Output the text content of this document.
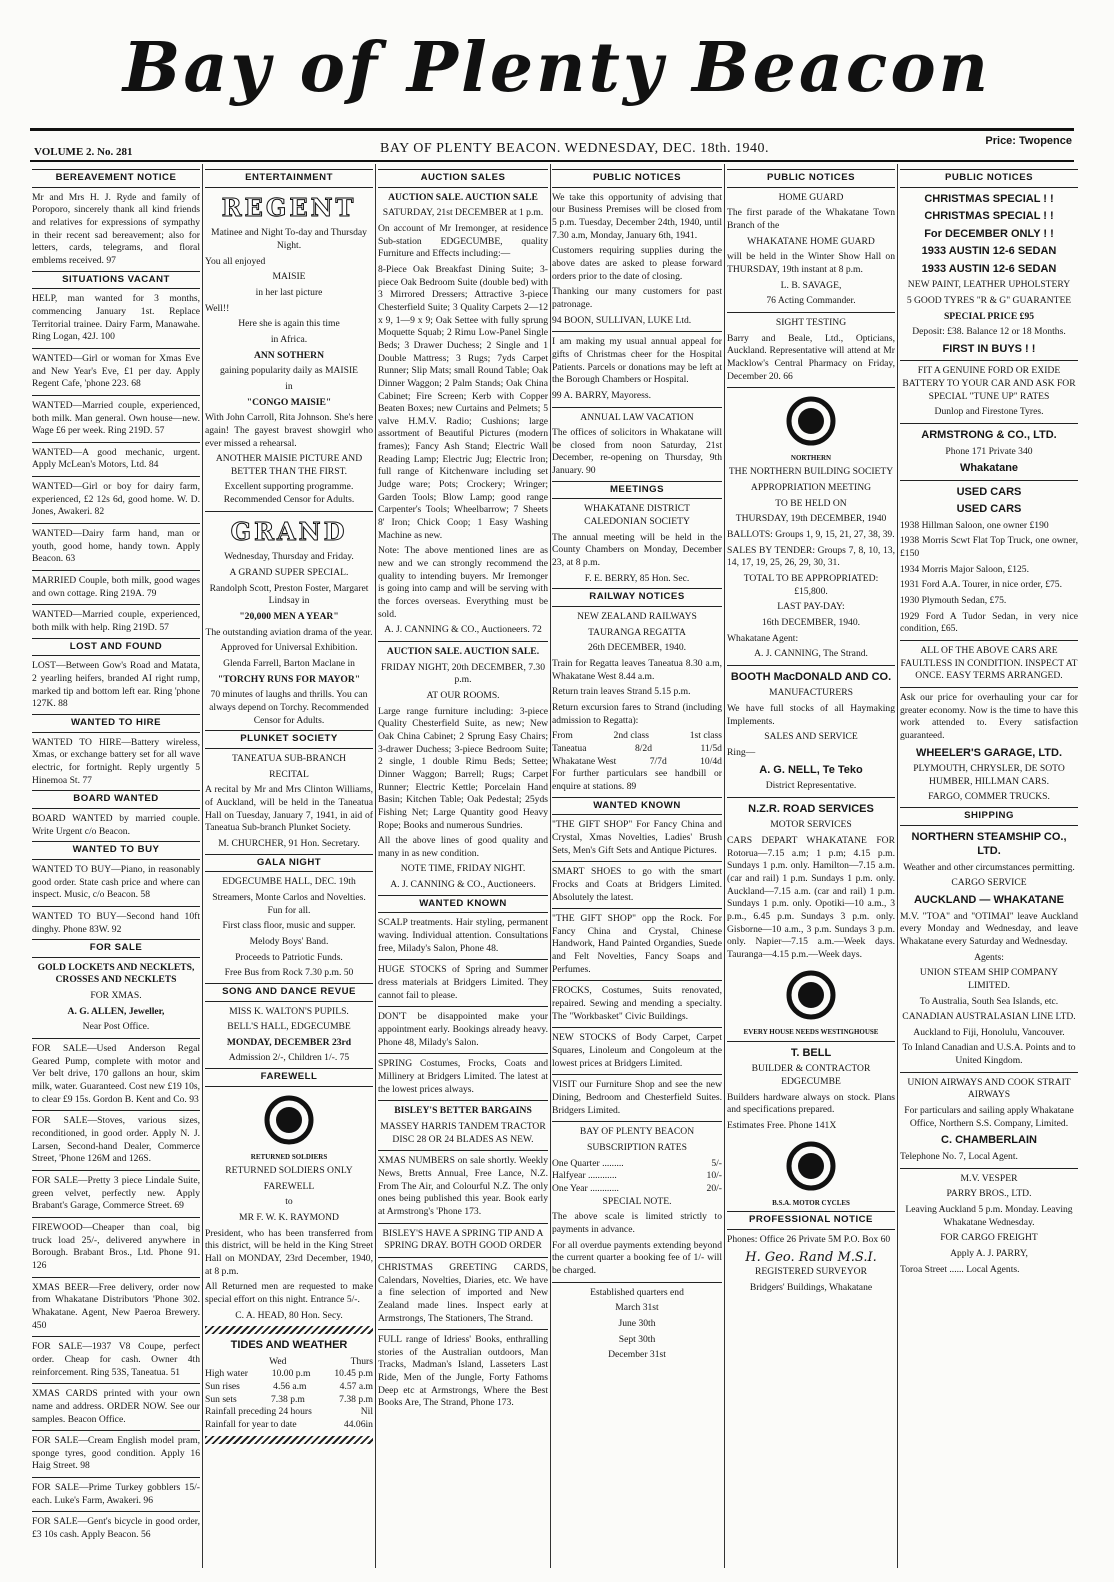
Bay of Plenty Beacon
VOLUME 2. No. 281	BAY OF PLENTY BEACON. WEDNESDAY, DEC. 18th. 1940.	Price: Twopence
BEREAVEMENT NOTICE
Mr and Mrs H. J. Ryde and family of Poroporo, sincerely thank all kind friends and relatives for expressions of sympathy in their recent sad bereavement; also for letters, cards, telegrams, and floral emblems received. 97
SITUATIONS VACANT
HELP, man wanted for 3 months, commencing January 1st. Replace Territorial trainee. Dairy Farm, Manawahe. Ring Logan, 42J. 100
WANTED—Girl or woman for Xmas Eve and New Year's Eve, £1 per day. Apply Regent Cafe, 'phone 223. 68
WANTED—Married couple, experienced, both milk. Man general. Own house—new. Wage £6 per week. Ring 219D. 57
WANTED—A good mechanic, urgent. Apply McLean's Motors, Ltd. 84
WANTED—Girl or boy for dairy farm, experienced, £2 12s 6d, good home. W. D. Jones, Awakeri. 82
WANTED—Dairy farm hand, man or youth, good home, handy town. Apply Beacon. 63
MARRIED Couple, both milk, good wages and own cottage. Ring 219A. 79
WANTED—Married couple, experienced, both milk with help. Ring 219D. 57
LOST AND FOUND
LOST—Between Gow's Road and Matata, 2 yearling heifers, branded AI right rump, marked tip and bottom left ear. Ring 'phone 127K. 88
WANTED TO HIRE
WANTED TO HIRE—Battery wireless, Xmas, or exchange battery set for all wave electric, for fortnight. Reply urgently 5 Hinemoa St. 77
BOARD WANTED
BOARD WANTED by married couple. Write Urgent c/o Beacon.
WANTED TO BUY
WANTED TO BUY—Piano, in reasonably good order. State cash price and where can inspect. Music, c/o Beacon. 58
WANTED TO BUY—Second hand 10ft dinghy. Phone 83W. 92
FOR SALE
GOLD LOCKETS AND NECKLETS, CROSSES AND NECKLETS
FOR XMAS.
A. G. ALLEN, Jeweller,
Near Post Office.
FOR SALE—Used Anderson Regal Geared Pump, complete with motor and Ver belt drive, 170 gallons an hour, skim milk, water. Guaranteed. Cost new £19 10s, to clear £9 15s. Gordon B. Kent and Co. 93
FOR SALE—Stoves, various sizes, reconditioned, in good order. Apply N. J. Larsen, Second-hand Dealer, Commerce Street, 'Phone 126M and 126S.
FOR SALE—Pretty 3 piece Lindale Suite, green velvet, perfectly new. Apply Brabant's Garage, Commerce Street. 69
FIREWOOD—Cheaper than coal, big truck load 25/-, delivered anywhere in Borough. Brabant Bros., Ltd. Phone 91. 126
XMAS BEER—Free delivery, order now from Whakatane Distributors 'Phone 302. Whakatane. Agent, New Paeroa Brewery. 450
FOR SALE—1937 V8 Coupe, perfect order. Cheap for cash. Owner 4th reinforcement. Ring 53S, Taneatua. 51
XMAS CARDS printed with your own name and address. ORDER NOW. See our samples. Beacon Office.
FOR SALE—Cream English model pram, sponge tyres, good condition. Apply 16 Haig Street. 98
FOR SALE—Prime Turkey gobblers 15/- each. Luke's Farm, Awakeri. 96
FOR SALE—Gent's bicycle in good order, £3 10s cash. Apply Beacon. 56
ENTERTAINMENT
REGENT
Matinee and Night To-day and Thursday Night.
You all enjoyed
MAISIE
in her last picture
Well!!
Here she is again this time
in Africa.
ANN SOTHERN
gaining popularity daily as MAISIE
in
"CONGO MAISIE"
With John Carroll, Rita Johnson. She's here again! The gayest bravest showgirl who ever missed a rehearsal.
ANOTHER MAISIE PICTURE AND BETTER THAN THE FIRST.
Excellent supporting programme. Recommended Censor for Adults.
GRAND
Wednesday, Thursday and Friday.
A GRAND SUPER SPECIAL.
Randolph Scott, Preston Foster, Margaret Lindsay in
"20,000 MEN A YEAR"
The outstanding aviation drama of the year.
Approved for Universal Exhibition.
Glenda Farrell, Barton Maclane in
"TORCHY RUNS FOR MAYOR"
70 minutes of laughs and thrills. You can always depend on Torchy. Recommended Censor for Adults.
PLUNKET SOCIETY
TANEATUA SUB-BRANCH
RECITAL
A recital by Mr and Mrs Clinton Williams, of Auckland, will be held in the Taneatua Hall on Tuesday, January 7, 1941, in aid of Taneatua Sub-branch Plunket Society.
M. CHURCHER, 91 Hon. Secretary.
GALA NIGHT
EDGECUMBE HALL, DEC. 19th
Streamers, Monte Carlos and Novelties. Fun for all.
First class floor, music and supper.
Melody Boys' Band.
Proceeds to Patriotic Funds.
Free Bus from Rock 7.30 p.m. 50
SONG AND DANCE REVUE
MISS K. WALTON'S PUPILS.
BELL'S HALL, EDGECUMBE
MONDAY, DECEMBER 23rd
Admission 2/-, Children 1/-. 75
FAREWELL
RETURNED SOLDIERS
RETURNED SOLDIERS ONLY
FAREWELL
to
MR F. W. K. RAYMOND
President, who has been transferred from this district, will be held in the King Street Hall on MONDAY, 23rd December, 1940, at 8 p.m.
All Returned men are requested to make special effort on this night. Entrance 5/-.
C. A. HEAD, 80 Hon. Secy.
TIDES AND WEATHER
Wed	Thurs
High water 10.00 p.m 10.45 p.m
Sun rises	4.56 a.m	4.57 a.m
Sun sets	7.38 p.m	7.38 p.m
Rainfall preceding 24 hours	Nil
Rainfall for year to date	44.06in
AUCTION SALES
AUCTION SALE. AUCTION SALE
SATURDAY, 21st DECEMBER at 1 p.m.
On account of Mr Iremonger, at residence Sub-station EDGECUMBE, quality Furniture and Effects including:—
8-Piece Oak Breakfast Dining Suite; 3-piece Oak Bedroom Suite (double bed) with 3 Mirrored Dressers; Attractive 3-piece Chesterfield Suite; 3 Quality Carpets 2—12 x 9, 1—9 x 9; Oak Settee with fully sprung Moquette Squab; 2 Rimu Low-Panel Single Beds; 3 Drawer Duchess; 2 Single and 1 Double Mattress; 3 Rugs; 7yds Carpet Runner; Slip Mats; small Round Table; Oak Dinner Waggon; 2 Palm Stands; Oak China Cabinet; Fire Screen; Kerb with Copper Beaten Boxes; new Curtains and Pelmets; 5 valve H.M.V. Radio; Cushions; large assortment of Beautiful Pictures (modern frames); Fancy Ash Stand; Electric Wall Reading Lamp; Electric Jug; Electric Iron; full range of Kitchenware including set Judge ware; Pots; Crockery; Wringer; Garden Tools; Blow Lamp; good range Carpenter's Tools; Wheelbarrow; 7 Sheets 8' Iron; Chick Coop; 1 Easy Washing Machine as new.
Note: The above mentioned lines are as new and we can strongly recommend the quality to intending buyers. Mr Iremonger is going into camp and will be serving with the forces overseas. Everything must be sold.
A. J. CANNING & CO., Auctioneers. 72
AUCTION SALE. AUCTION SALE.
FRIDAY NIGHT, 20th DECEMBER, 7.30 p.m.
AT OUR ROOMS.
Large range furniture including: 3-piece Quality Chesterfield Suite, as new; New Oak China Cabinet; 2 Sprung Easy Chairs; 3-drawer Duchess; 3-piece Bedroom Suite; 2 single, 1 double Rimu Beds; Settee; Dinner Waggon; Barrell; Rugs; Carpet Runner; Electric Kettle; Porcelain Hand Basin; Kitchen Table; Oak Pedestal; 25yds Fishing Net; Large Quantity good Heavy Rope; Books and numerous Sundries.
All the above lines of good quality and many in as new condition.
NOTE TIME, FRIDAY NIGHT.
A. J. CANNING & CO., Auctioneers.
WANTED KNOWN
SCALP treatments. Hair styling, permanent waving. Individual attention. Consultations free, Milady's Salon, Phone 48.
HUGE STOCKS of Spring and Summer dress materials at Bridgers Limited. They cannot fail to please.
DON'T be disappointed make your appointment early. Bookings already heavy. Phone 48, Milady's Salon.
SPRING Costumes, Frocks, Coats and Millinery at Bridgers Limited. The latest at the lowest prices always.
BISLEY'S BETTER BARGAINS
MASSEY HARRIS TANDEM TRACTOR DISC 28 OR 24 BLADES AS NEW.
XMAS NUMBERS on sale shortly. Weekly News, Bretts Annual, Free Lance, N.Z. From The Air, and Colourful N.Z. The only ones being published this year. Book early at Armstrong's 'Phone 173.
BISLEY'S HAVE A SPRING TIP AND A SPRING DRAY. BOTH GOOD ORDER
CHRISTMAS GREETING CARDS, Calendars, Novelties, Diaries, etc. We have a fine selection of imported and New Zealand made lines. Inspect early at Armstrongs, The Stationers, The Strand.
FULL range of Idriess' Books, enthralling stories of the Australian outdoors, Man Tracks, Madman's Island, Lasseters Last Ride, Men of the Jungle, Forty Fathoms Deep etc at Armstrongs, Where the Best Books Are, The Strand, Phone 173.
PUBLIC NOTICES
We take this opportunity of advising that our Business Premises will be closed from 5 p.m. Tuesday, December 24th, 1940, until 7.30 a.m, Monday, January 6th, 1941.
Customers requiring supplies during the above dates are asked to please forward orders prior to the date of closing.
Thanking our many customers for past patronage.
94 BOON, SULLIVAN, LUKE Ltd.
I am making my usual annual appeal for gifts of Christmas cheer for the Hospital Patients. Parcels or donations may be left at the Borough Chambers or Hospital.
99 A. BARRY, Mayoress.
ANNUAL LAW VACATION
The offices of solicitors in Whakatane will be closed from noon Saturday, 21st December, re-opening on Thursday, 9th January. 90
MEETINGS
WHAKATANE DISTRICT CALEDONIAN SOCIETY
The annual meeting will be held in the County Chambers on Monday, December 23, at 8 p.m.
F. E. BERRY, 85 Hon. Sec.
RAILWAY NOTICES
NEW ZEALAND RAILWAYS
TAURANGA REGATTA
26th DECEMBER, 1940.
Train for Regatta leaves Taneatua 8.30 a.m, Whakatane West 8.44 a.m.
Return train leaves Strand 5.15 p.m.
Return excursion fares to Strand (including admission to Regatta):
From	2nd class	1st class
Taneatua	8/2d	11/5d
Whakatane West	7/7d	10/4d
For further particulars see handbill or enquire at stations. 89
WANTED KNOWN
"THE GIFT SHOP" For Fancy China and Crystal, Xmas Novelties, Ladies' Brush Sets, Men's Gift Sets and Antique Pictures.
SMART SHOES to go with the smart Frocks and Coats at Bridgers Limited. Absolutely the latest.
"THE GIFT SHOP" opp the Rock. For Fancy China and Crystal, Chinese Handwork, Hand Painted Organdies, Suede and Felt Novelties, Fancy Soaps and Perfumes.
FROCKS, Costumes, Suits renovated, repaired. Sewing and mending a specialty. The "Workbasket" Civic Buildings.
NEW STOCKS of Body Carpet, Carpet Squares, Linoleum and Congoleum at the lowest prices at Bridgers Limited.
VISIT our Furniture Shop and see the new Dining, Bedroom and Chesterfield Suites. Bridgers Limited.
BAY OF PLENTY BEACON
SUBSCRIPTION RATES
One Quarter .........	5/-
Halfyear ............	10/-
One Year ............	20/-
SPECIAL NOTE.
The above scale is limited strictly to payments in advance.
For all overdue payments extending beyond the current quarter a booking fee of 1/- will be charged.
Established quarters end
March 31st
June 30th
Sept 30th
December 31st
PUBLIC NOTICES
HOME GUARD
The first parade of the Whakatane Town Branch of the
WHAKATANE HOME GUARD
will be held in the Winter Show Hall on THURSDAY, 19th instant at 8 p.m.
L. B. SAVAGE,
76 Acting Commander.
SIGHT TESTING
Barry and Beale, Ltd., Opticians, Auckland. Representative will attend at Mr Macklow's Central Pharmacy on Friday, December 20. 66
NORTHERN
THE NORTHERN BUILDING SOCIETY
APPROPRIATION MEETING
TO BE HELD ON
THURSDAY, 19th DECEMBER, 1940
BALLOTS: Groups 1, 9, 15, 21, 27, 38, 39.
SALES BY TENDER: Groups 7, 8, 10, 13, 14, 17, 19, 25, 26, 29, 30, 31.
TOTAL TO BE APPROPRIATED: £15,800.
LAST PAY-DAY:
16th DECEMBER, 1940.
Whakatane Agent:
A. J. CANNING, The Strand.
BOOTH MacDONALD AND CO.
MANUFACTURERS
We have full stocks of all Haymaking Implements.
SALES AND SERVICE
Ring—
A. G. NELL, Te Teko
District Representative.
N.Z.R. ROAD SERVICES
MOTOR SERVICES
CARS DEPART WHAKATANE FOR Rotorua—7.15 a.m; 1 p.m; 4.15 p.m. Sundays 1 p.m. only. Hamilton—7.15 a.m. (car and rail) 1 p.m. Sundays 1 p.m. only. Auckland—7.15 a.m. (car and rail) 1 p.m. Sundays 1 p.m. only. Opotiki—10 a.m., 3 p.m., 6.45 p.m. Sundays 3 p.m. only. Gisborne—10 a.m., 3 p.m. Sundays 3 p.m. only. Napier—7.15 a.m.—Week days. Tauranga—4.15 p.m.—Week days.
EVERY HOUSE NEEDS WESTINGHOUSE
T. BELL
BUILDER & CONTRACTOR EDGECUMBE
Builders hardware always on stock. Plans and specifications prepared.
Estimates Free. Phone 141X
B.S.A. MOTOR CYCLES
PROFESSIONAL NOTICE
Phones: Office 26 Private 5M P.O. Box 60
H. Geo. Rand M.S.I.
REGISTERED SURVEYOR
Bridgers' Buildings, Whakatane
PUBLIC NOTICES
CHRISTMAS SPECIAL ! !
CHRISTMAS SPECIAL ! !
For DECEMBER ONLY ! !
1933 AUSTIN 12-6 SEDAN
1933 AUSTIN 12-6 SEDAN
NEW PAINT, LEATHER UPHOLSTERY
5 GOOD TYRES "R & G" GUARANTEE
SPECIAL PRICE £95
Deposit: £38. Balance 12 or 18 Months.
FIRST IN BUYS ! !
FIT A GENUINE FORD OR EXIDE BATTERY TO YOUR CAR AND ASK FOR SPECIAL "TUNE UP" RATES
Dunlop and Firestone Tyres.
ARMSTRONG & CO., LTD.
Phone 171 Private 340
Whakatane
USED CARS
USED CARS
1938 Hillman Saloon, one owner £190
1938 Morris Scwt Flat Top Truck, one owner, £150
1934 Morris Major Saloon, £125.
1931 Ford A.A. Tourer, in nice order, £75.
1930 Plymouth Sedan, £75.
1929 Ford A Tudor Sedan, in very nice condition, £65.
ALL OF THE ABOVE CARS ARE FAULTLESS IN CONDITION. INSPECT AT ONCE. EASY TERMS ARRANGED.
Ask our price for overhauling your car for greater economy. Now is the time to have this work attended to. Every satisfaction guaranteed.
WHEELER'S GARAGE, LTD.
PLYMOUTH, CHRYSLER, DE SOTO HUMBER, HILLMAN CARS.
FARGO, COMMER TRUCKS.
SHIPPING
NORTHERN STEAMSHIP CO., LTD.
Weather and other circumstances permitting.
CARGO SERVICE
AUCKLAND — WHAKATANE
M.V. "TOA" and "OTIMAI" leave Auckland every Monday and Wednesday, and leave Whakatane every Saturday and Wednesday.
Agents:
UNION STEAM SHIP COMPANY LIMITED.
To Australia, South Sea Islands, etc.
CANADIAN AUSTRALASIAN LINE LTD.
Auckland to Fiji, Honolulu, Vancouver.
To Inland Canadian and U.S.A. Points and to United Kingdom.
UNION AIRWAYS AND COOK STRAIT AIRWAYS
For particulars and sailing apply Whakatane Office, Northern S.S. Company, Limited.
C. CHAMBERLAIN
Telephone No. 7, Local Agent.
M.V. VESPER
PARRY BROS., LTD.
Leaving Auckland 5 p.m. Monday. Leaving Whakatane Wednesday.
FOR CARGO FREIGHT
Apply A. J. PARRY,
Toroa Street ...... Local Agents.
